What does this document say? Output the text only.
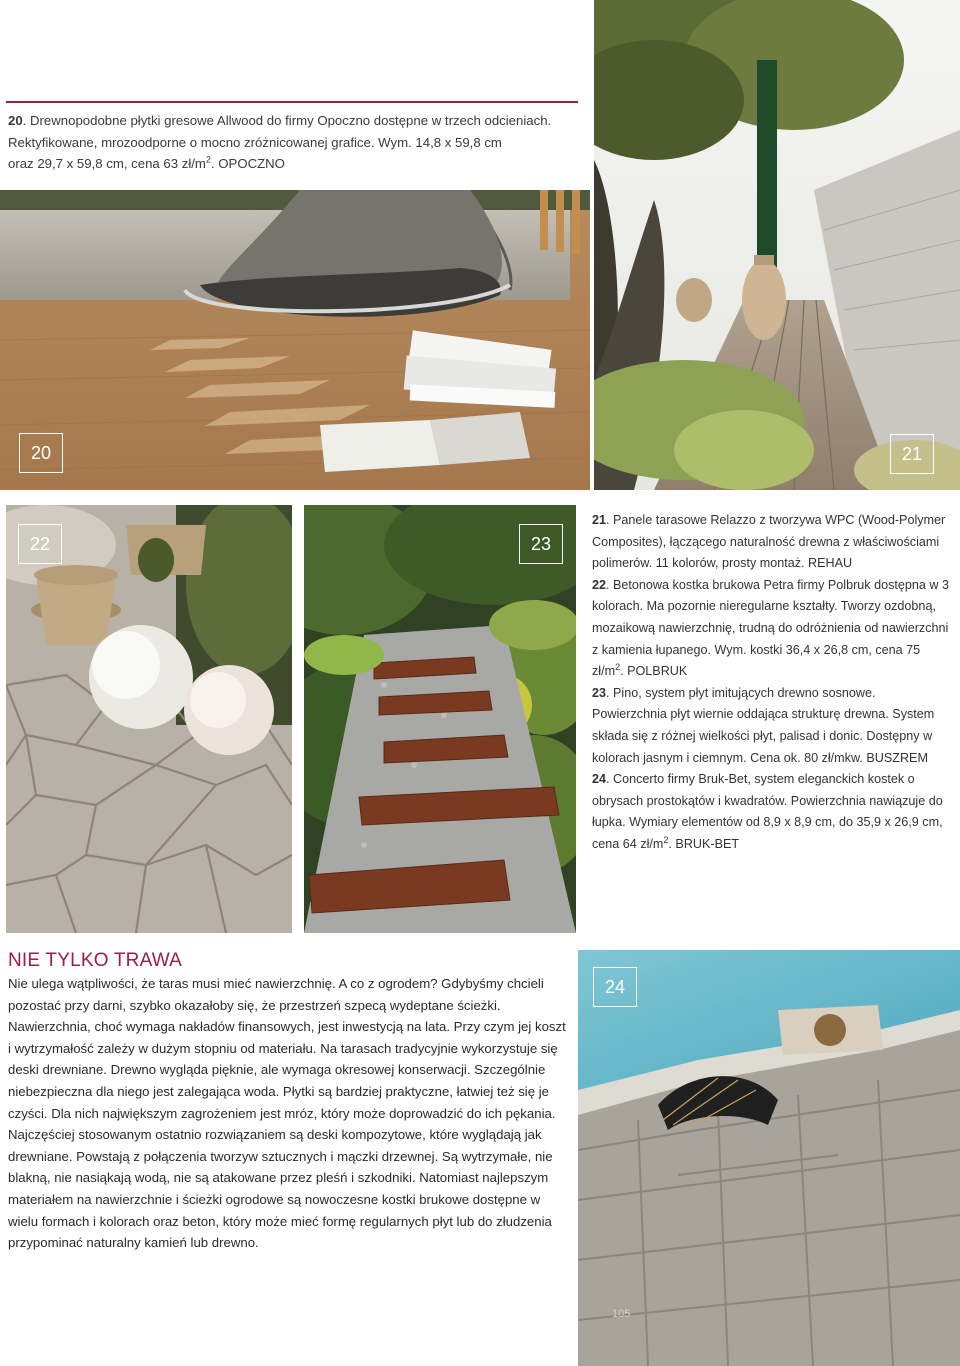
20	21
22	23

21. Panele tarasowe Relazzo z tworzywa WPC (Wood-Polymer Composites), łączącego naturalność drewna z właściwościami polimerów. 11 kolorów, prosty montaż. REHAU

22. Betonowa kostka brukowa Petra firmy Polbruk dostępna w 3 kolorach. Ma pozornie nieregularne kształty. Tworzy ozdobną, mozaikową nawierzchnię, trudną do odróżnienia od nawierzchni z kamienia łupanego. Wym. kostki 36,4 x 26,8 cm, cena 75 $zł/m^2$. POLBRUK

23. Pino, system płyt imitujących drewno sosnowe. Powierzchnia płyt wiernie oddająca strukturę drewna. System składa się z różnej wielkości płyt, palisad i donic. Dostępny w kolorach jasnym i ciemnym. Cena ok. 80 zł/mkw. BUSZREM

24. Concerto firmy Bruk-Bet, system eleganckich kostek o obrysach prostokątów i kwadratów. Powierzchnia nawiązuje do łupka. Wymiary elementów od 8,9 x 8,9 cm, do 35,9 x 26,9 cm, cena 64 $zł/m^2$. BRUK-BET

24
20. Drewnopodobne płytki gresowe Allwood do firmy Opoczno dostępne w trzech odcieniach.
Rektyfikowane, mrozoodporne o mocno zróżnicowanej grafice. Wym. 14,8 x 59,8 cm
oraz 29,7 x 59,8 cm, cena 63 $zł/m^2$. OPOCZNO
NIE TYLKO TRAWA
Nie ulega wątpliwości, że taras musi mieć nawierzchnię. A co z ogrodem? Gdybyśmy chcieli pozostać przy darni, szybko okazałoby się, że przestrzeń szpecą wydeptane ścieżki. Nawierzchnia, choć wymaga nakładów finansowych, jest inwestycją na lata. Przy czym jej koszt i wytrzymałość zależy w dużym stopniu od materiału. Na tarasach tradycyjnie wykorzystuje się deski drewniane. Drewno wygląda pięknie, ale wymaga okresowej konserwacji. Szczególnie niebezpieczna dla niego jest zalegająca woda. Płytki są bardziej praktyczne, łatwiej też się je czyści. Dla nich największym zagrożeniem jest mróz, który może doprowadzić do ich pękania. Najczęściej stosowanym ostatnio rozwiązaniem są deski kompozytowe, które wyglądają jak drewniane. Powstają z połączenia tworzyw sztucznych i mączki drzewnej. Są wytrzymałe, nie blakną, nie nasiąkają wodą, nie są atakowane przez pleśń i szkodniki. Natomiast najlepszym materiałem na nawierzchnie i ścieżki ogrodowe są nowoczesne kostki brukowe dostępne w wielu formach i kolorach oraz beton, który może mieć formę regularnych płyt lub do złudzenia przypominać naturalny kamień lub drewno.
105
